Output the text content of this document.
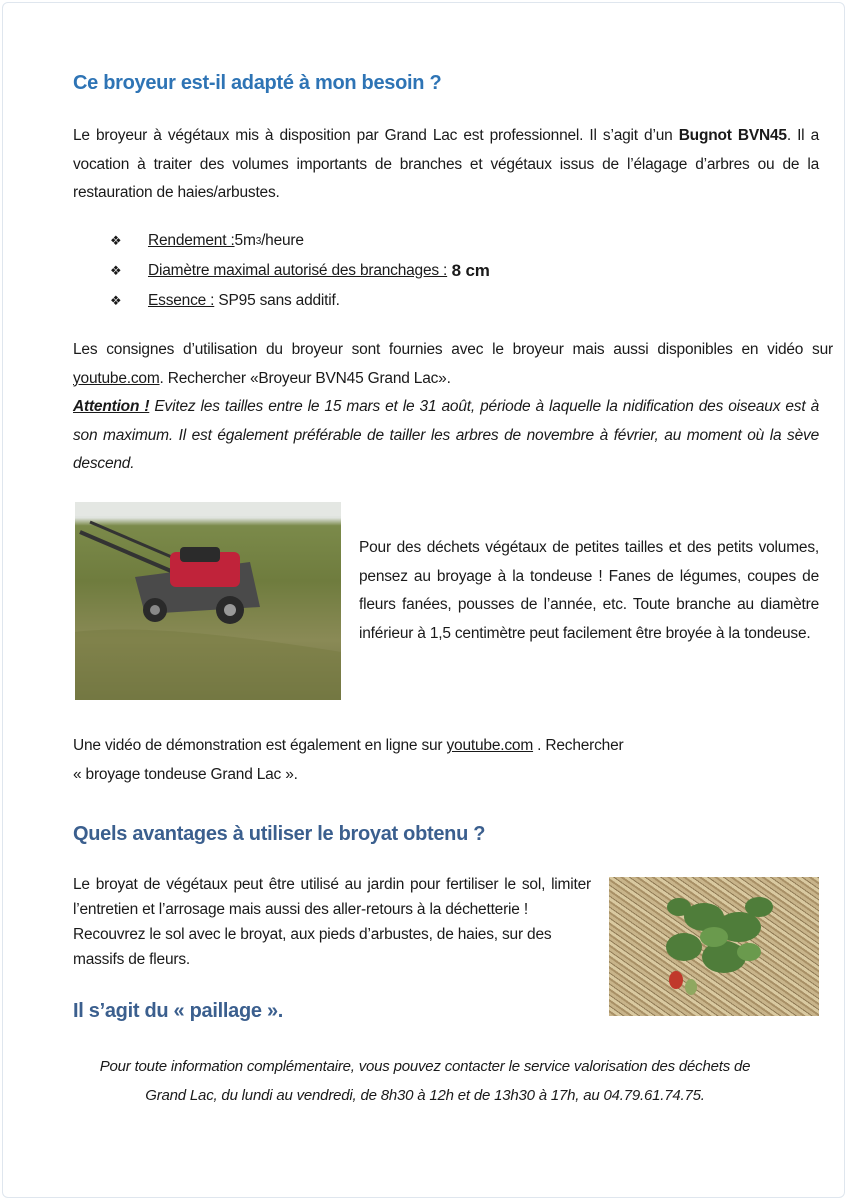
Ce broyeur est-il adapté à mon besoin ?
Le broyeur à végétaux mis à disposition par Grand Lac est professionnel. Il s’agit d’un Bugnot BVN45. Il a vocation à traiter des volumes importants de branches et végétaux issus de l’élagage d’arbres ou de la restauration de haies/arbustes.
❖	Rendement : 5m 3 /heure
❖	Diamètre maximal autorisé des branchages : 8 cm
❖	Essence : SP95 sans additif.
Les consignes d’utilisation du broyeur sont fournies avec le broyeur mais aussi disponibles en vidéo sur youtube.com. Rechercher «Broyeur BVN45 Grand Lac».
Attention ! Evitez les tailles entre le 15 mars et le 31 août, période à laquelle la nidification des oiseaux est à son maximum. Il est également préférable de tailler les arbres de novembre à février, au moment où la sève descend.
Pour des déchets végétaux de petites tailles et des petits volumes, pensez au broyage à la tondeuse ! Fanes de légumes, coupes de fleurs fanées, pousses de l’année, etc. Toute branche au diamètre inférieur à 1,5 centimètre peut facilement être broyée à la tondeuse.
Une vidéo de démonstration est également en ligne sur youtube.com . Rechercher
« broyage tondeuse Grand Lac ».
Quels avantages à utiliser le broyat obtenu ?
Le broyat de végétaux peut être utilisé au jardin pour fertiliser le sol, limiter l’entretien et l’arrosage mais aussi des aller-retours à la déchetterie !
Recouvrez le sol avec le broyat, aux pieds d’arbustes, de haies, sur des massifs de fleurs.
Il s’agit du « paillage ».
Pour toute information complémentaire, vous pouvez contacter le service valorisation des déchets de
Grand Lac, du lundi au vendredi, de 8h30 à 12h et de 13h30 à 17h, au 04.79.61.74.75.
